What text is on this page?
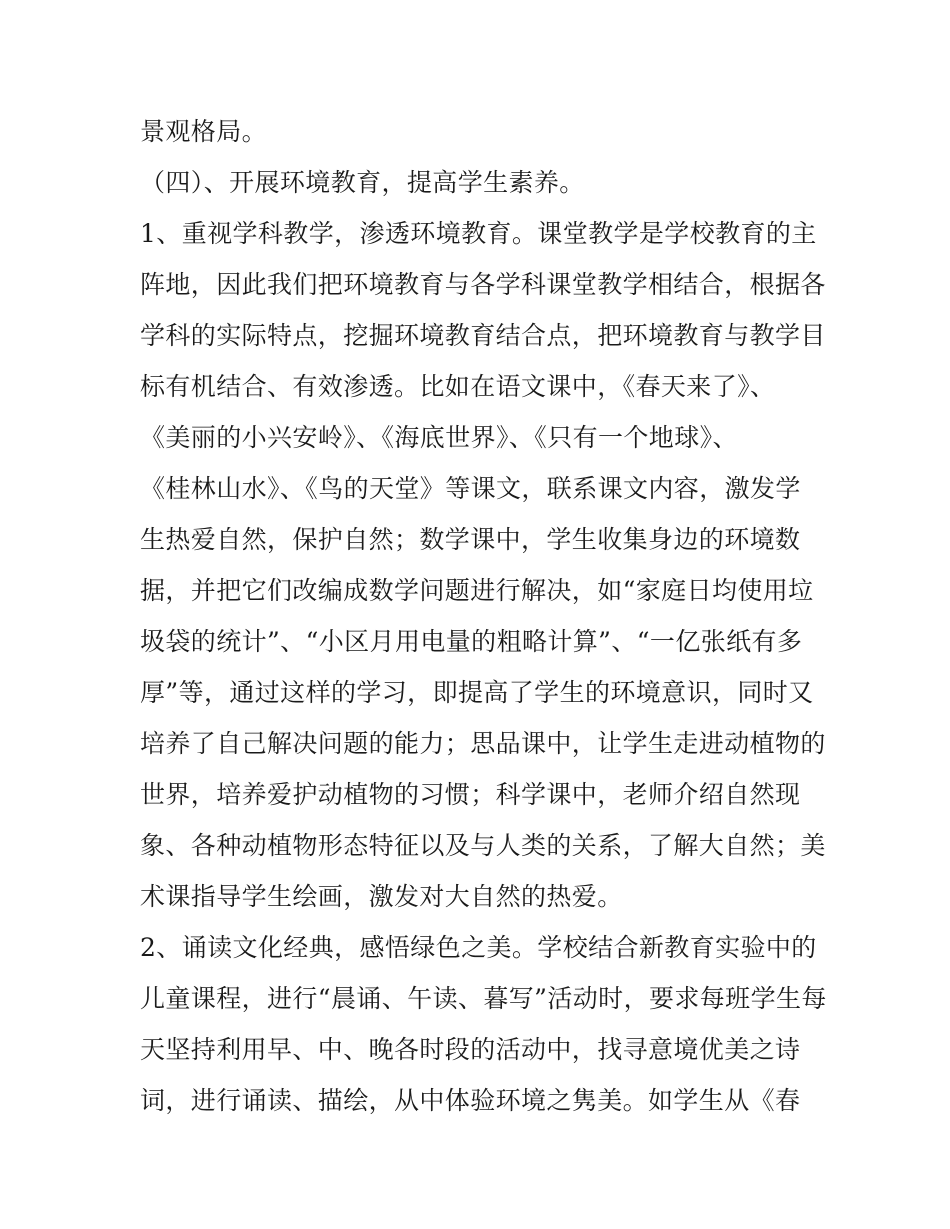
景观格局。
（四）、开展环境教育，提高学生素养。
1、重视学科教学，渗透环境教育。课堂教学是学校教育的主
阵地，因此我们把环境教育与各学科课堂教学相结合，根据各
学科的实际特点，挖掘环境教育结合点，把环境教育与教学目
标有机结合、有效渗透。比如在语文课中，《春天来了》、
《美丽的小兴安岭》、《海底世界》、《只有一个地球》、
《桂林山水》、《鸟的天堂》等课文，联系课文内容，激发学
生热爱自然，保护自然；数学课中，学生收集身边的环境数
据，并把它们改编成数学问题进行解决，如“家庭日均使用垃
圾袋的统计”、“小区月用电量的粗略计算”、“一亿张纸有多
厚”等，通过这样的学习，即提高了学生的环境意识，同时又
培养了自己解决问题的能力；思品课中，让学生走进动植物的
世界，培养爱护动植物的习惯；科学课中，老师介绍自然现
象、各种动植物形态特征以及与人类的关系，了解大自然；美
术课指导学生绘画，激发对大自然的热爱。
2、诵读文化经典，感悟绿色之美。学校结合新教育实验中的
儿童课程，进行“晨诵、午读、暮写”活动时，要求每班学生每
天坚持利用早、中、晚各时段的活动中，找寻意境优美之诗
词，进行诵读、描绘，从中体验环境之隽美。如学生从《春
